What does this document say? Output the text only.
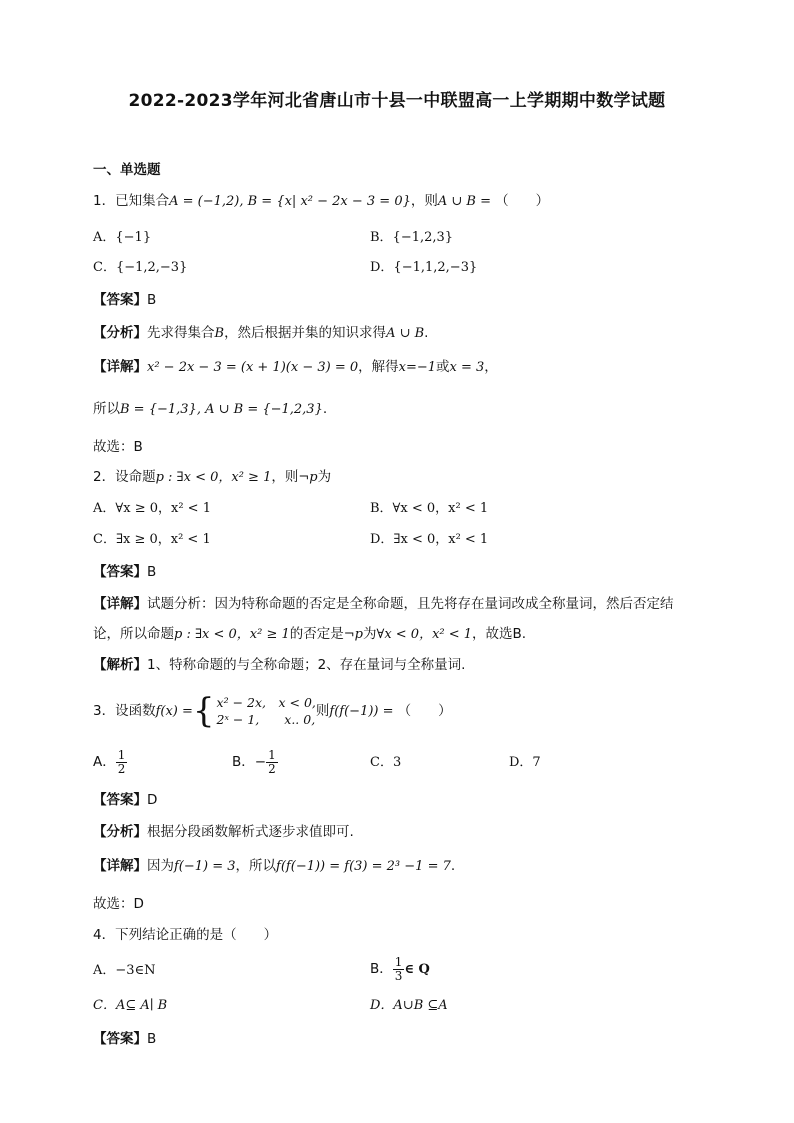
2022-2023学年河北省唐山市十县一中联盟高一上学期期中数学试题
一、单选题
1．已知集合A = (−1,2), B = {x| x² − 2x − 3 = 0}，则A ∪ B = （　　）
A．{−1}	B．{−1,2,3}
C．{−1,2,−3}	D．{−1,1,2,−3}
【答案】B
【分析】先求得集合B，然后根据并集的知识求得A ∪ B.
【详解】x² − 2x − 3 = (x + 1)(x − 3) = 0，解得x=−1或x = 3，
所以B = {−1,3}, A ∪ B = {−1,2,3}.
故选：B
2．设命题p : ∃x < 0，x² ≥ 1，则¬p为
A．∀x ≥ 0，x² < 1	B．∀x < 0，x² < 1
C．∃x ≥ 0，x² < 1	D．∃x < 0，x² < 1
【答案】B
【详解】试题分析：因为特称命题的否定是全称命题，且先将存在量词改成全称量词，然后否定结
论，所以命题p : ∃x < 0，x² ≥ 1的否定是¬p为∀x < 0，x² < 1，故选B.
【解析】1、特称命题的与全称命题；2、存在量词与全称量词.
3．设函数f(x) = { x² − 2x,　x < 0,
2ˣ − 1,　　x.. 0,
则f(f(−1)) = （　　）
A． $\frac{1}{2}$	B．− $\frac{1}{2}$	C．3	D．7
【答案】D
【分析】根据分段函数解析式逐步求值即可.
【详解】因为f(−1) = 3，所以f(f(−1)) = f(3) = 2³ −1 = 7.
故选：D
4．下列结论正确的是（　　）
A．−3∈N	B． $\frac{1}{3}$ ∈ Q
C．A⊆ A∣ B	D．A∪B ⊆A
【答案】B
